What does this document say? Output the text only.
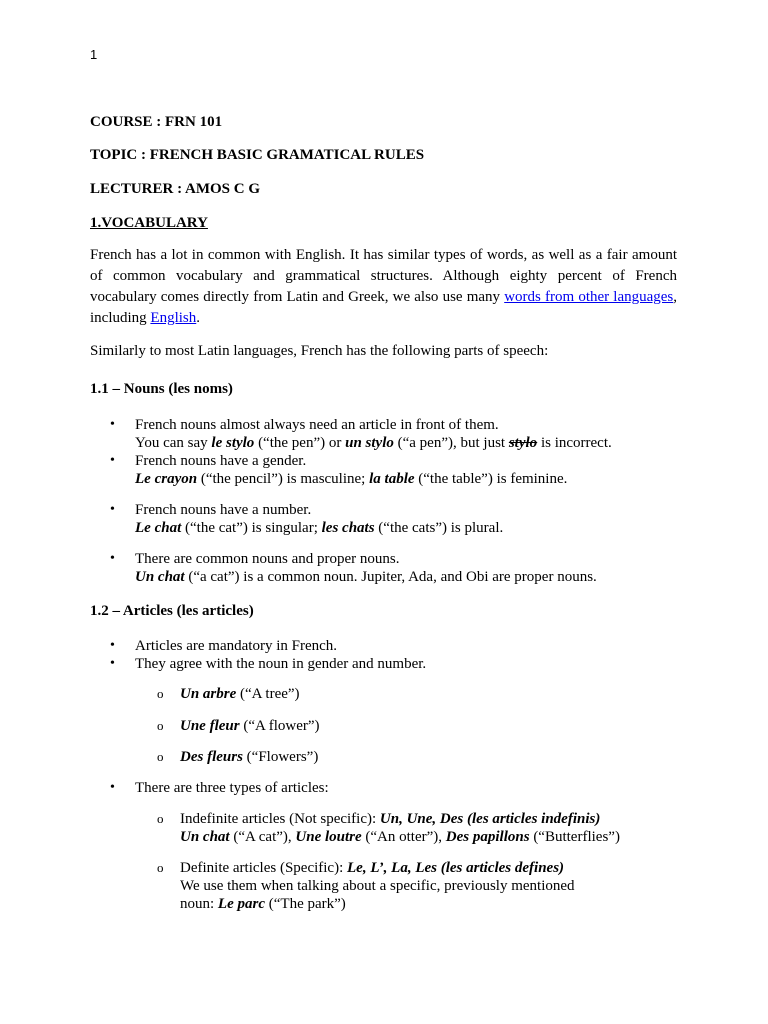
1

COURSE : FRN 101

TOPIC : FRENCH BASIC GRAMATICAL RULES

LECTURER : AMOS C G

1.VOCABULARY

French has a lot in common with English. It has similar types of words, as well as a fair amount of common vocabulary and grammatical structures. Although eighty percent of French vocabulary comes directly from Latin and Greek, we also use many words from other languages, including English.

Similarly to most Latin languages, French has the following parts of speech:

1.1 – Nouns (les noms)

• French nouns almost always need an article in front of them.
You can say le stylo (“the pen”) or un stylo (“a pen”), but just stylo is incorrect.
• French nouns have a gender.
Le crayon (“the pencil”) is masculine; la table (“the table”) is feminine.
• French nouns have a number.
Le chat (“the cat”) is singular; les chats (“the cats”) is plural.
• There are common nouns and proper nouns.
Un chat (“a cat”) is a common noun. Jupiter, Ada, and Obi are proper nouns.

1.2 – Articles (les articles)

• Articles are mandatory in French.
• They agree with the noun in gender and number.
o Un arbre (“A tree”)
o Une fleur (“A flower”)
o Des fleurs (“Flowers”)
• There are three types of articles:
o Indefinite articles (Not specific): Un, Une, Des (les articles indefinis)
Un chat (“A cat”), Une loutre (“An otter”), Des papillons (“Butterflies”)
o Definite articles (Specific): Le, L’, La, Les (les articles defines)
We use them when talking about a specific, previously mentioned
noun: Le parc (“The park”)
